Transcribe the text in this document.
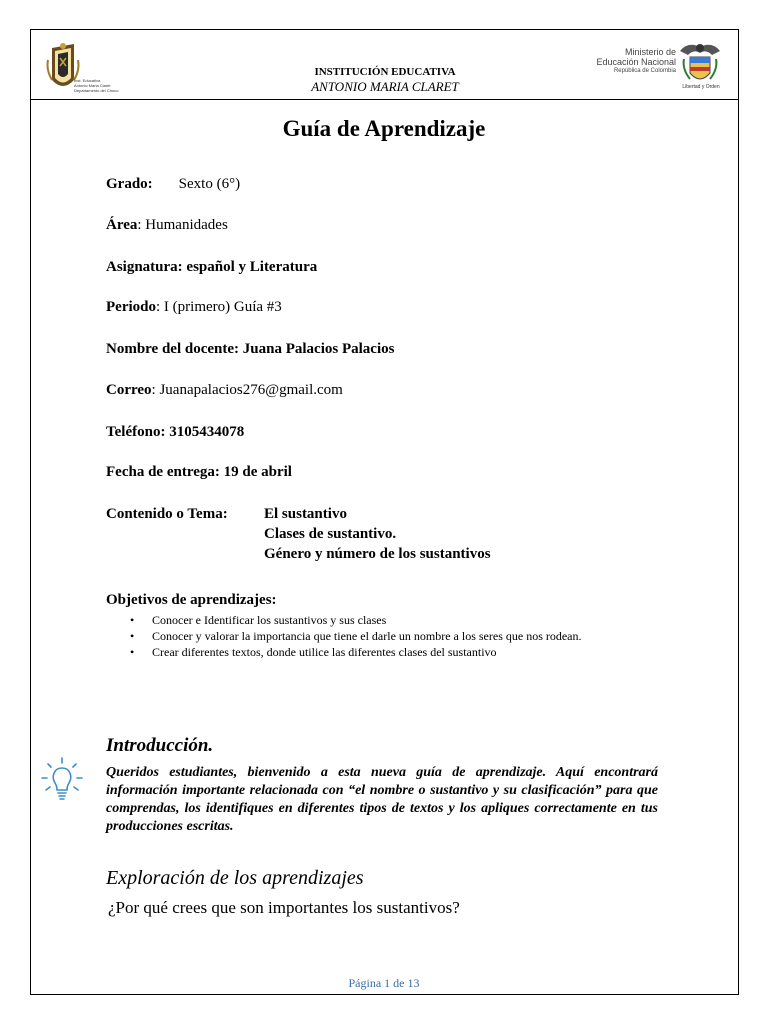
Inst. Educativa
Antonio Maria Claret
Departamento del Choco
INSTITUCIÓN EDUCATIVA
ANTONIO MARIA CLARET
Ministerio de
Educación Nacional
República de Colombia
Libertad y Orden
Guía de Aprendizaje
Grado: Sexto (6°)
Área: Humanidades
Asignatura: español y Literatura
Periodo: I (primero) Guía #3
Nombre del docente: Juana Palacios Palacios
Correo: Juanapalacios276@gmail.com
Teléfono: 3105434078
Fecha de entrega: 19 de abril
Contenido o Tema: El sustantivo
Clases de sustantivo.
Género y número de los sustantivos
Objetivos de aprendizajes:
• Conocer e Identificar los sustantivos y sus clases
• Conocer y valorar la importancia que tiene el darle un nombre a los seres que nos rodean.
• Crear diferentes textos, donde utilice las diferentes clases del sustantivo
Introducción.
Queridos estudiantes, bienvenido a esta nueva guía de aprendizaje. Aquí encontrará información importante relacionada con “el nombre o sustantivo y su clasificación” para que comprendas, los identifiques en diferentes tipos de textos y los apliques correctamente en tus producciones escritas.
Exploración de los aprendizajes
¿Por qué crees que son importantes los sustantivos?
Página 1 de 13
